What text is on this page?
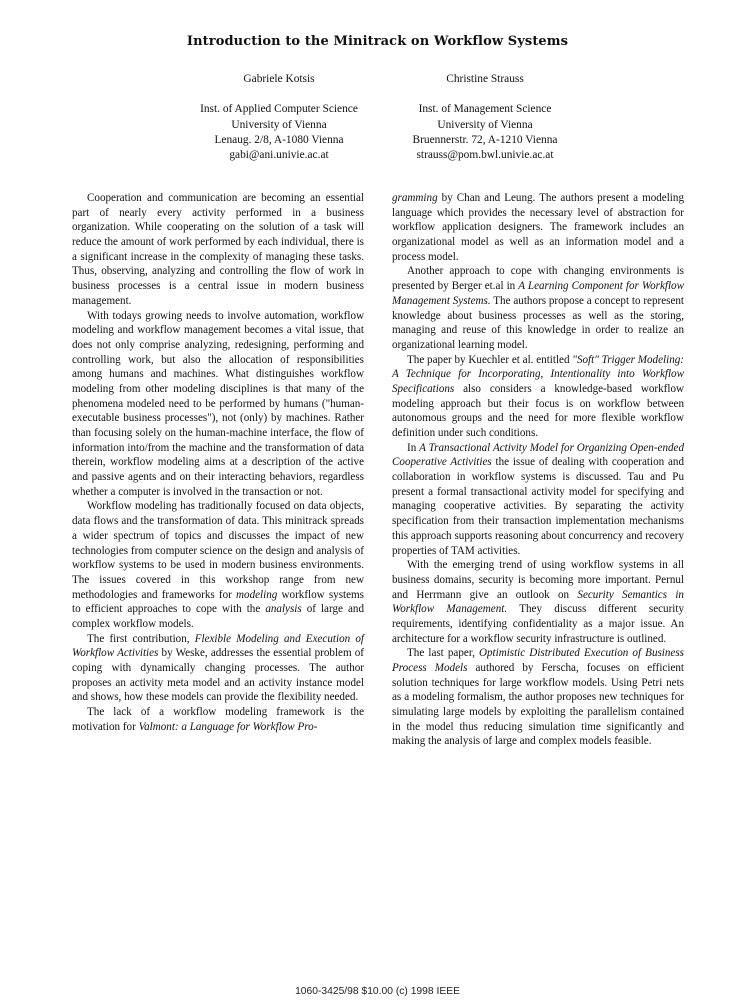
Introduction to the Minitrack on Workflow Systems
Gabriele Kotsis
Inst. of Applied Computer Science
University of Vienna
Lenaug. 2/8, A-1080 Vienna
gabi@ani.univie.ac.at
Christine Strauss
Inst. of Management Science
University of Vienna
Bruennerstr. 72, A-1210 Vienna
strauss@pom.bwl.univie.ac.at

Cooperation and communication are becoming an essential part of nearly every activity performed in a business organization. While cooperating on the solution of a task will reduce the amount of work performed by each individual, there is a significant increase in the complexity of managing these tasks. Thus, observing, analyzing and controlling the flow of work in business processes is a central issue in modern business management.

With todays growing needs to involve automation, workflow modeling and workflow management becomes a vital issue, that does not only comprise analyzing, redesigning, performing and controlling work, but also the allocation of responsibilities among humans and machines. What distinguishes workflow modeling from other modeling disciplines is that many of the phenomena modeled need to be performed by humans ("human-executable business processes"), not (only) by machines. Rather than focusing solely on the human-machine interface, the flow of information into/from the machine and the transformation of data therein, workflow modeling aims at a description of the active and passive agents and on their interacting behaviors, regardless whether a computer is involved in the transaction or not.

Workflow modeling has traditionally focused on data objects, data flows and the transformation of data. This minitrack spreads a wider spectrum of topics and discusses the impact of new technologies from computer science on the design and analysis of workflow systems to be used in modern business environments. The issues covered in this workshop range from new methodologies and frameworks for modeling workflow systems to efficient approaches to cope with the analysis of large and complex workflow models.

The first contribution, Flexible Modeling and Execution of Workflow Activities by Weske, addresses the essential problem of coping with dynamically changing processes. The author proposes an activity meta model and an activity instance model and shows, how these models can provide the flexibility needed.

The lack of a workflow modeling framework is the motivation for Valmont: a Language for Workflow Pro-

gramming by Chan and Leung. The authors present a modeling language which provides the necessary level of abstraction for workflow application designers. The framework includes an organizational model as well as an information model and a process model.

Another approach to cope with changing environments is presented by Berger et.al in A Learning Component for Workflow Management Systems. The authors propose a concept to represent knowledge about business processes as well as the storing, managing and reuse of this knowledge in order to realize an organizational learning model.

The paper by Kuechler et al. entitled "Soft" Trigger Modeling: A Technique for Incorporating, Intentionality into Workflow Specifications also considers a knowledge-based workflow modeling approach but their focus is on workflow between autonomous groups and the need for more flexible workflow definition under such conditions.

In A Transactional Activity Model for Organizing Open-ended Cooperative Activities the issue of dealing with cooperation and collaboration in workflow systems is discussed. Tau and Pu present a formal transactional activity model for specifying and managing cooperative activities. By separating the activity specification from their transaction implementation mechanisms this approach supports reasoning about concurrency and recovery properties of TAM activities.

With the emerging trend of using workflow systems in all business domains, security is becoming more important. Pernul and Herrmann give an outlook on Security Semantics in Workflow Management. They discuss different security requirements, identifying confidentiality as a major issue. An architecture for a workflow security infrastructure is outlined.

The last paper, Optimistic Distributed Execution of Business Process Models authored by Ferscha, focuses on efficient solution techniques for large workflow models. Using Petri nets as a modeling formalism, the author proposes new techniques for simulating large models by exploiting the parallelism contained in the model thus reducing simulation time significantly and making the analysis of large and complex models feasible.

1060-3425/98 $10.00 (c) 1998 IEEE
